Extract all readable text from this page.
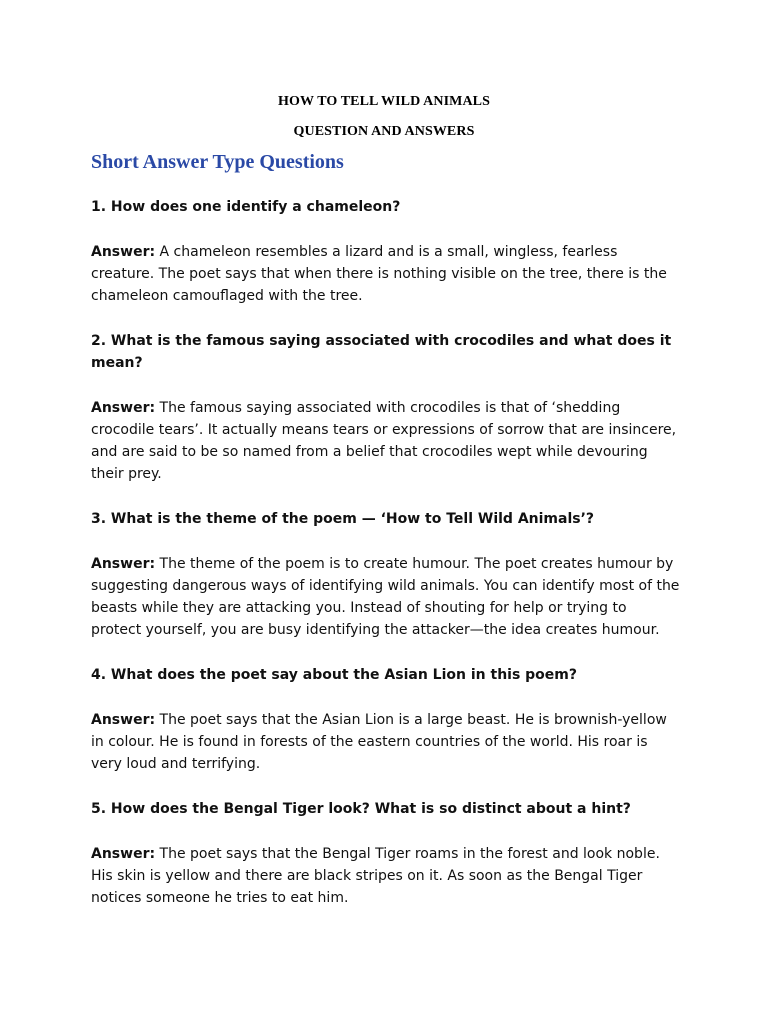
HOW TO TELL WILD ANIMALS
QUESTION AND ANSWERS
Short Answer Type Questions

1. How does one identify a chameleon?

Answer: A chameleon resembles a lizard and is a small, wingless, fearless creature. The poet says that when there is nothing visible on the tree, there is the chameleon camouflaged with the tree.

2. What is the famous saying associated with crocodiles and what does it mean?

Answer: The famous saying associated with crocodiles is that of ‘shedding crocodile tears’. It actually means tears or expressions of sorrow that are insincere, and are said to be so named from a belief that crocodiles wept while devouring their prey.

3. What is the theme of the poem — ‘How to Tell Wild Animals’?

Answer: The theme of the poem is to create humour. The poet creates humour by suggesting dangerous ways of identifying wild animals. You can identify most of the beasts while they are attacking you. Instead of shouting for help or trying to protect yourself, you are busy identifying the attacker—the idea creates humour.

4. What does the poet say about the Asian Lion in this poem?

Answer: The poet says that the Asian Lion is a large beast. He is brownish-yellow in colour. He is found in forests of the eastern countries of the world. His roar is very loud and terrifying.

5. How does the Bengal Tiger look? What is so distinct about a hint?

Answer: The poet says that the Bengal Tiger roams in the forest and look noble. His skin is yellow and there are black stripes on it. As soon as the Bengal Tiger notices someone he tries to eat him.
